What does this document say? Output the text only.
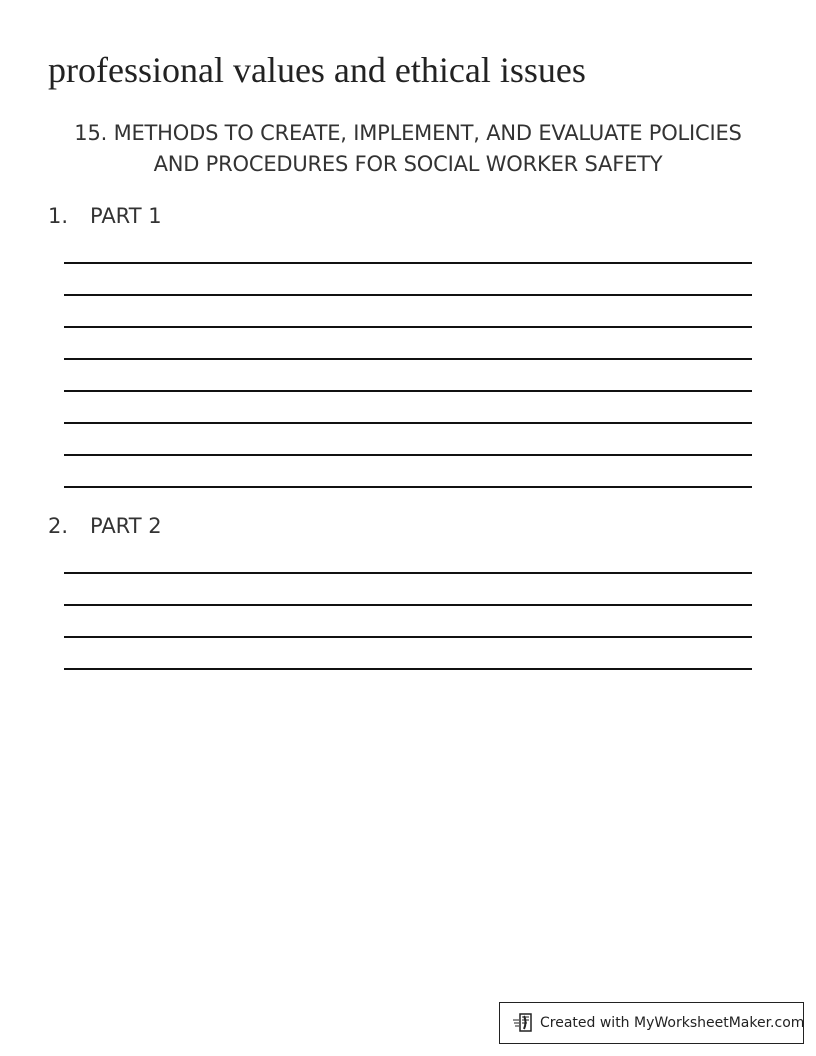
professional values and ethical issues
15. METHODS TO CREATE, IMPLEMENT, AND EVALUATE POLICIES
AND PROCEDURES FOR SOCIAL WORKER SAFETY
1. PART 1
2. PART 2
Created with MyWorksheetMaker.com
